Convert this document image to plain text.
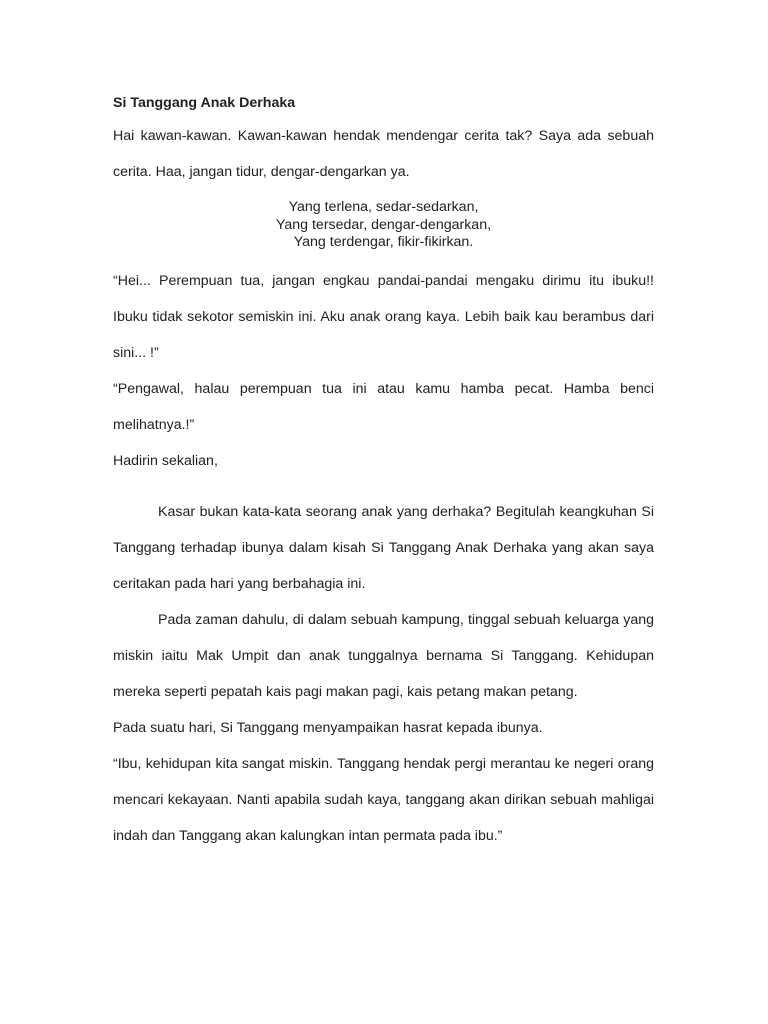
Si Tanggang Anak Derhaka

Hai kawan-kawan. Kawan-kawan hendak mendengar cerita tak? Saya ada sebuah cerita. Haa, jangan tidur, dengar-dengarkan ya.

Yang terlena, sedar-sedarkan,
Yang tersedar, dengar-dengarkan,
Yang terdengar, fikir-fikirkan.

“Hei... Perempuan tua, jangan engkau pandai-pandai mengaku dirimu itu ibuku!! Ibuku tidak sekotor semiskin ini. Aku anak orang kaya. Lebih baik kau berambus dari sini... !”

“Pengawal, halau perempuan tua ini atau kamu hamba pecat. Hamba benci melihatnya.!”

Hadirin sekalian,

Kasar bukan kata-kata seorang anak yang derhaka? Begitulah keangkuhan Si Tanggang terhadap ibunya dalam kisah Si Tanggang Anak Derhaka yang akan saya ceritakan pada hari yang berbahagia ini.

Pada zaman dahulu, di dalam sebuah kampung, tinggal sebuah keluarga yang miskin iaitu Mak Umpit dan anak tunggalnya bernama Si Tanggang. Kehidupan mereka seperti pepatah kais pagi makan pagi, kais petang makan petang.

Pada suatu hari, Si Tanggang menyampaikan hasrat kepada ibunya.

“Ibu, kehidupan kita sangat miskin. Tanggang hendak pergi merantau ke negeri orang mencari kekayaan. Nanti apabila sudah kaya, tanggang akan dirikan sebuah mahligai indah dan Tanggang akan kalungkan intan permata pada ibu.”
